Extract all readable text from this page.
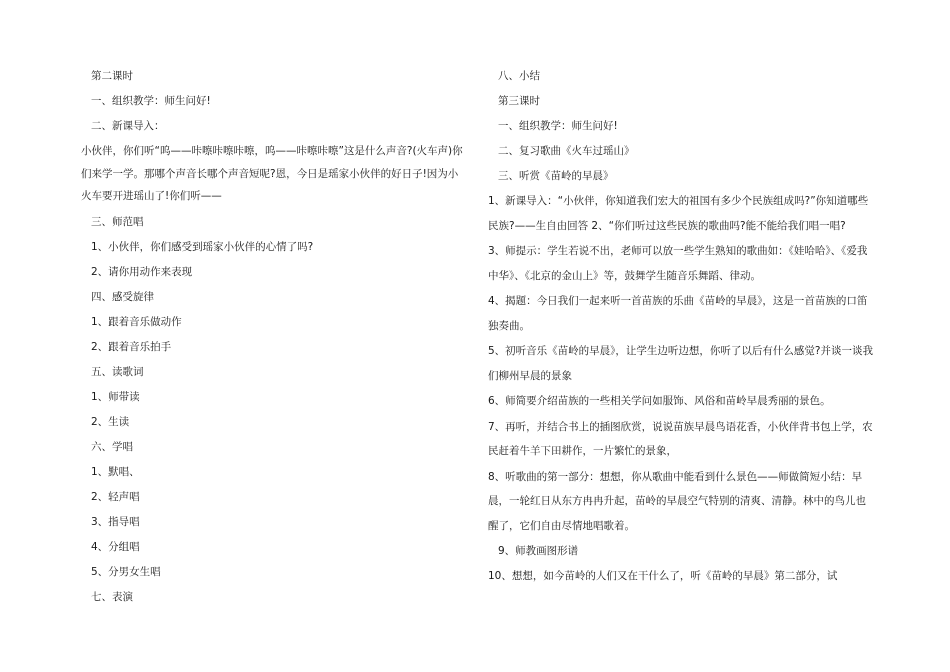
第二课时
一、组织教学：师生问好!
二、新课导入：
小伙伴，你们听“呜——咔嚓咔嚓咔嚓，呜——咔嚓咔嚓”这是什么声音?(火车声)你们来学一学。那哪个声音长哪个声音短呢?恩，今日是瑶家小伙伴的好日子!因为小火车要开进瑶山了!你们听——
三、师范唱
1、小伙伴，你们感受到瑶家小伙伴的心情了吗?
2、请你用动作来表现
四、感受旋律
1、跟着音乐做动作
2、跟着音乐拍手
五、读歌词
1、师带读
2、生读
六、学唱
1、默唱、
2、轻声唱
3、指导唱
4、分组唱
5、分男女生唱
七、表演
八、小结
第三课时
一、组织教学：师生问好!
二、复习歌曲《火车过瑶山》
三、听赏《苗岭的早晨》
1、新课导入：“小伙伴，你知道我们宏大的祖国有多少个民族组成吗?”你知道哪些民族?——生自由回答 2、“你们听过这些民族的歌曲吗?能不能给我们唱一唱?
3、师提示：学生若说不出，老师可以放一些学生熟知的歌曲如：《娃哈哈》、《爱我中华》、《北京的金山上》等，鼓舞学生随音乐舞蹈、律动。
4、揭题：今日我们一起来听一首苗族的乐曲《苗岭的早晨》，这是一首苗族的口笛独奏曲。
5、初听音乐《苗岭的早晨》，让学生边听边想，你听了以后有什么感觉?并谈一谈我们柳州早晨的景象
6、师简要介绍苗族的一些相关学问如服饰、风俗和苗岭早晨秀丽的景色。
7、再听，并结合书上的插图欣赏，说说苗族早晨鸟语花香，小伙伴背书包上学，农民赶着牛羊下田耕作，一片繁忙的景象，
8、听歌曲的第一部分：想想，你从歌曲中能看到什么景色——师做简短小结：早晨，一轮红日从东方冉冉升起，苗岭的早晨空气特别的清爽、清静。林中的鸟儿也醒了，它们自由尽情地唱歌着。
9、师教画图形谱
10、想想，如今苗岭的人们又在干什么了，听《苗岭的早晨》第二部分，试
